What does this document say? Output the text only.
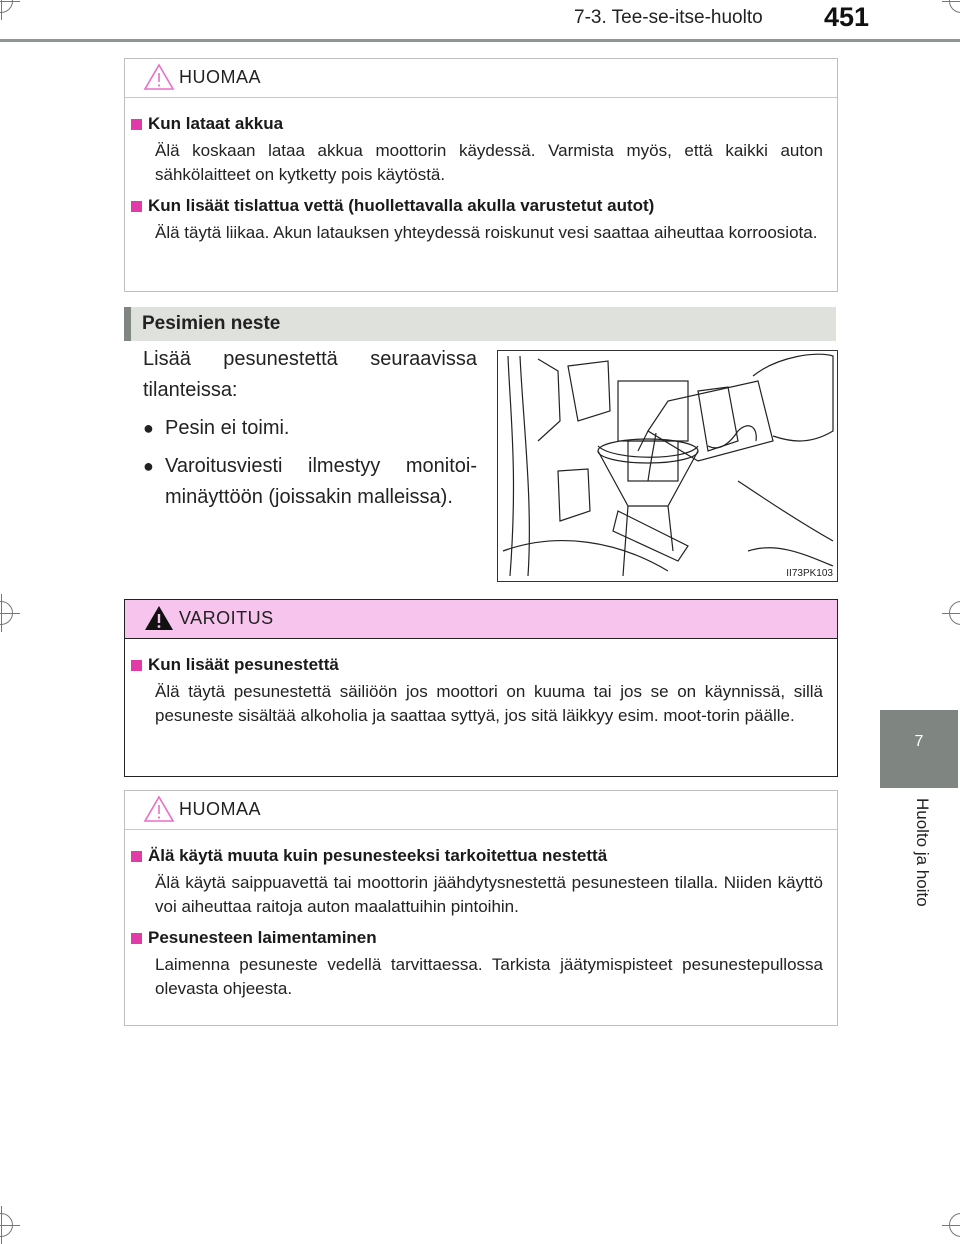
7-3. Tee-se-itse-huolto 451
7
Huolto ja hoito
HUOMAA
Kun lataat akkua
Älä koskaan lataa akkua moottorin käydessä. Varmista myös, että kaikki auton sähkölaitteet on kytketty pois käytöstä.
Kun lisäät tislattua vettä (huollettavalla akulla varustetut autot)
Älä täytä liikaa. Akun latauksen yhteydessä roiskunut vesi saattaa aiheuttaa korroosiota.
Pesimien neste
Lisää pesunestettä seuraavissa tilanteissa:
● Pesin ei toimi.
● Varoitusviesti ilmestyy monitoi-minäyttöön (joissakin malleissa).
II73PK103
VAROITUS
Kun lisäät pesunestettä
Älä täytä pesunestettä säiliöön jos moottori on kuuma tai jos se on käynnissä, sillä pesuneste sisältää alkoholia ja saattaa syttyä, jos sitä läikkyy esim. moot-torin päälle.
HUOMAA
Älä käytä muuta kuin pesunesteeksi tarkoitettua nestettä
Älä käytä saippuavettä tai moottorin jäähdytysnestettä pesunesteen tilalla. Niiden käyttö voi aiheuttaa raitoja auton maalattuihin pintoihin.
Pesunesteen laimentaminen
Laimenna pesuneste vedellä tarvittaessa. Tarkista jäätymispisteet pesunestepullossa olevasta ohjeesta.
